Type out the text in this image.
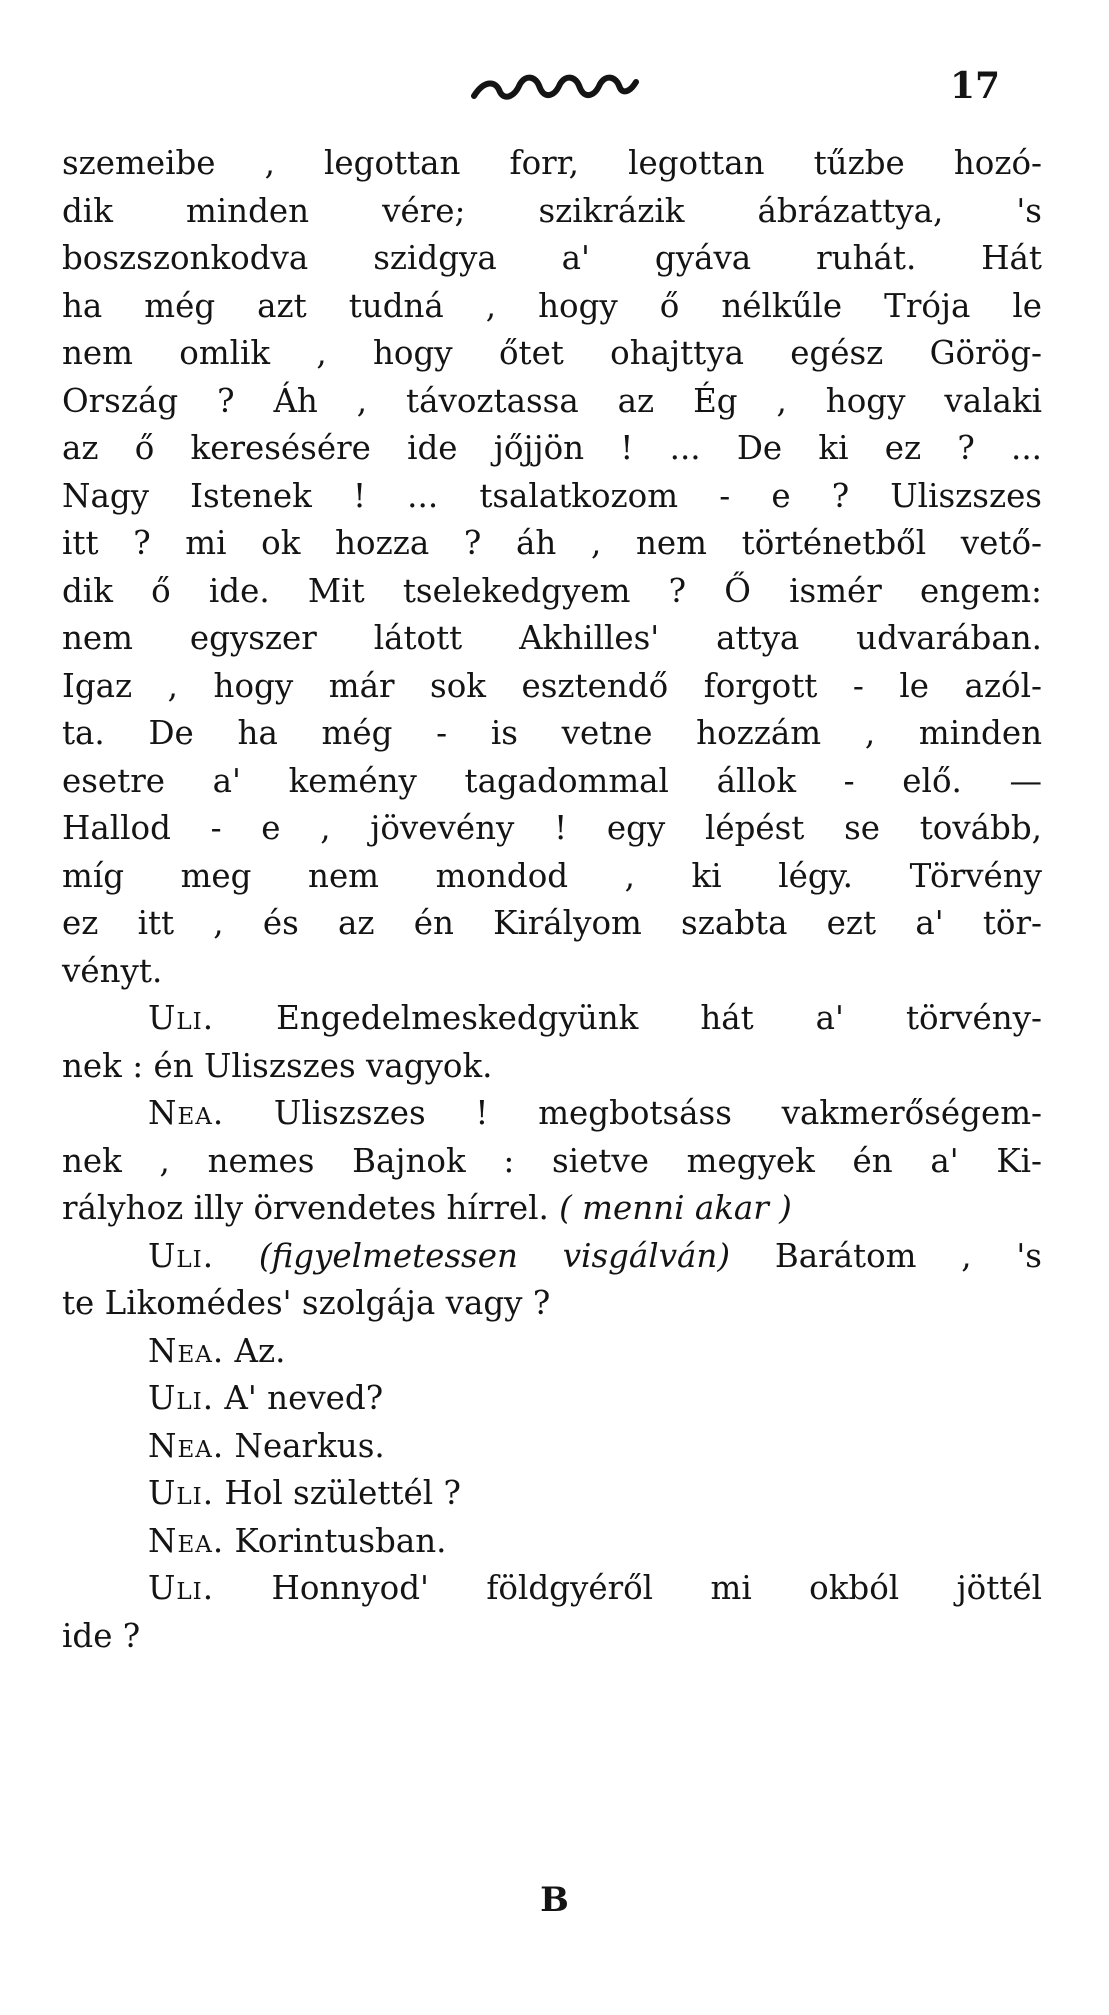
17
szemeibe , legottan forr, legottan tűzbe hozó-
dik minden vére; szikrázik ábrázattya, 's
boszszonkodva szidgya a' gyáva ruhát. Hát
ha még azt tudná , hogy ő nélkűle Trója le
nem omlik , hogy őtet ohajttya egész Görög-
Ország ? Áh , távoztassa az Ég , hogy valaki
az ő keresésére ide jőjjön ! ... De ki ez ? ...
Nagy Istenek ! ... tsalatkozom - e ? Uliszszes
itt ? mi ok hozza ? áh , nem történetből vető-
dik ő ide. Mit tselekedgyem ? Ő ismér engem:
nem egyszer látott Akhilles' attya udvarában.
Igaz , hogy már sok esztendő forgott - le azól-
ta. De ha még - is vetne hozzám , minden
esetre a' kemény tagadommal állok - elő. —
Hallod - e , jövevény ! egy lépést se tovább,
míg meg nem mondod , ki légy. Törvény
ez itt , és az én Királyom szabta ezt a' tör-
vényt.
Uli. Engedelmeskedgyünk hát a' törvény-
nek : én Uliszszes vagyok.
Nea. Uliszszes ! megbotsáss vakmerőségem-
nek , nemes Bajnok : sietve megyek én a' Ki-
rályhoz illy örvendetes hírrel. ( menni akar )
Uli. (figyelmetessen visgálván) Barátom , 's
te Likomédes' szolgája vagy ?
Nea. Az.
Uli. A' neved?
Nea. Nearkus.
Uli. Hol születtél ?
Nea. Korintusban.
Uli. Honnyod' földgyéről mi okból jöttél
ide ?
B
